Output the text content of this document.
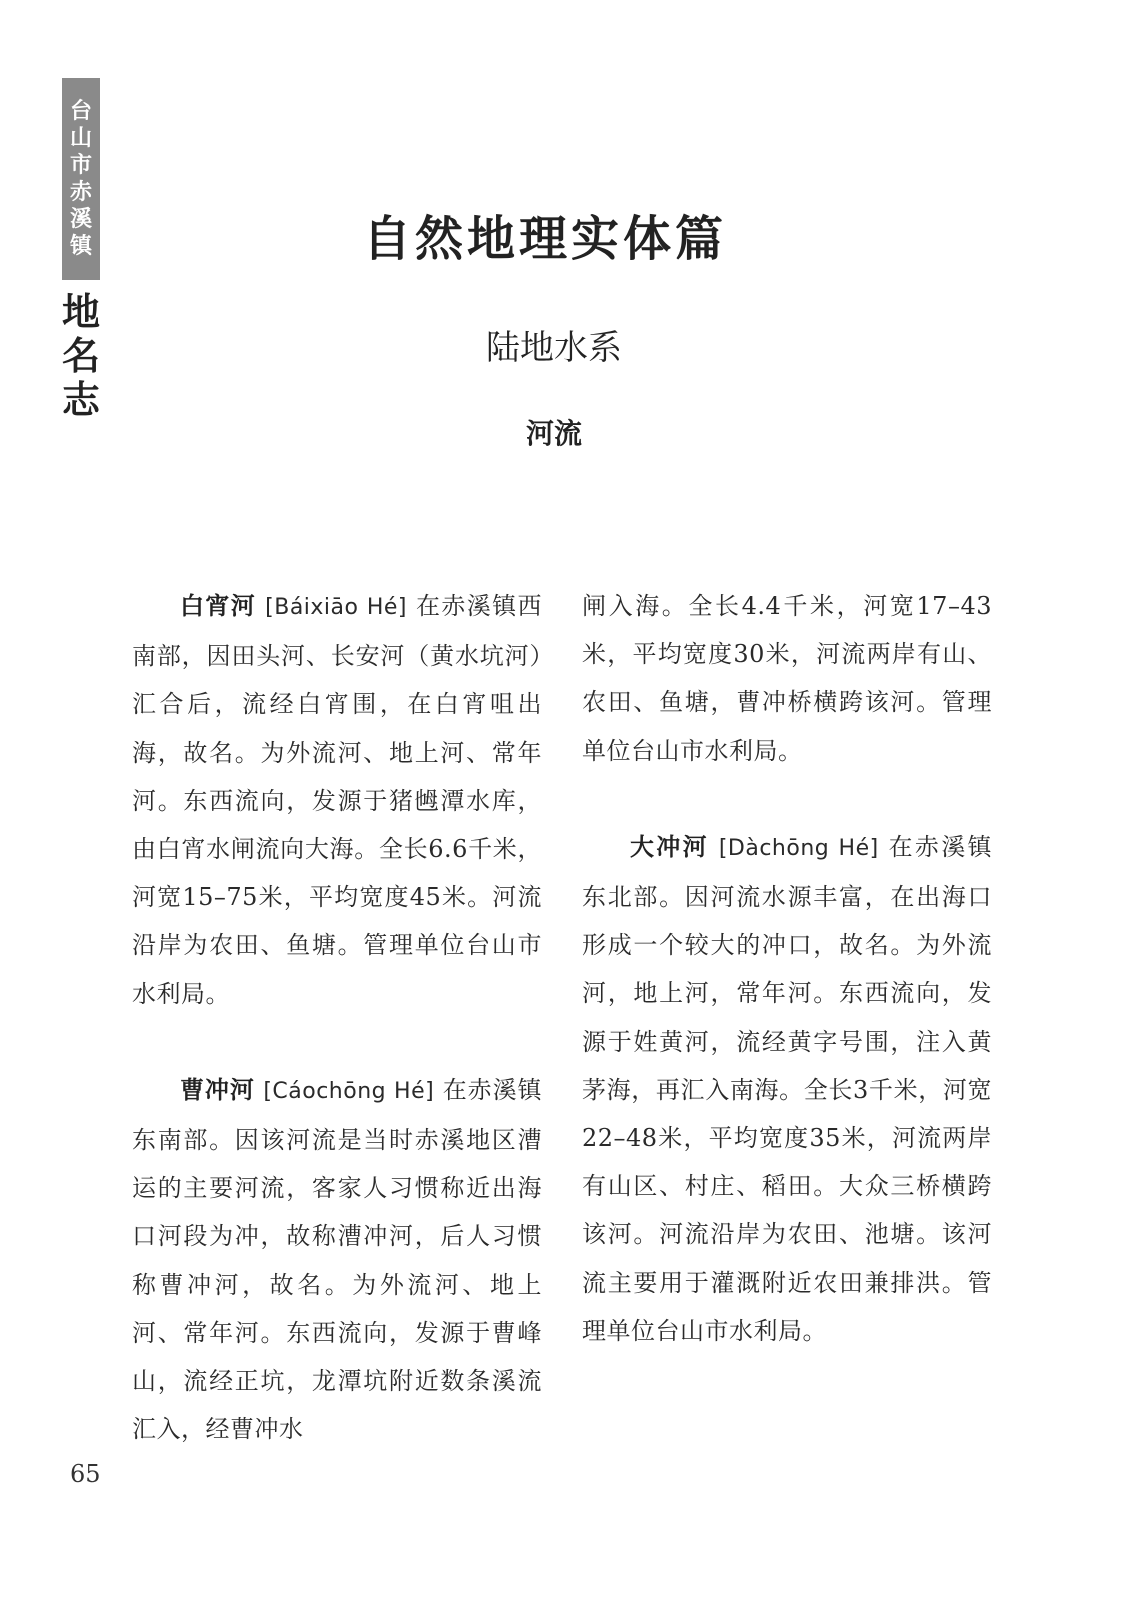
台
山
市
赤
溪
镇
地
名
志
自然地理实体篇
陆地水系
河流

白宵河 [Báixiāo Hé] 在赤溪镇西南部，因田头河、长安河（黄水坑河）汇合后，流经白宵围，在白宵咀出海，故名。为外流河、地上河、常年河。东西流向，发源于猪乸潭水库，由白宵水闸流向大海。全长6.6千米，河宽15–75米，平均宽度45米。河流沿岸为农田、鱼塘。管理单位台山市水利局。

曹冲河 [Cáochōng Hé] 在赤溪镇东南部。因该河流是当时赤溪地区漕运的主要河流，客家人习惯称近出海口河段为冲，故称漕冲河，后人习惯称曹冲河，故名。为外流河、地上河、常年河。东西流向，发源于曹峰山，流经正坑，龙潭坑附近数条溪流汇入，经曹冲水

闸入海。全长4.4千米，河宽17–43米，平均宽度30米，河流两岸有山、农田、鱼塘，曹冲桥横跨该河。管理单位台山市水利局。

大冲河 [Dàchōng Hé] 在赤溪镇东北部。因河流水源丰富，在出海口形成一个较大的冲口，故名。为外流河，地上河，常年河。东西流向，发源于姓黄河，流经黄字号围，注入黄茅海，再汇入南海。全长3千米，河宽22–48米，平均宽度35米，河流两岸有山区、村庄、稻田。大众三桥横跨该河。河流沿岸为农田、池塘。该河流主要用于灌溉附近农田兼排洪。管理单位台山市水利局。

65
